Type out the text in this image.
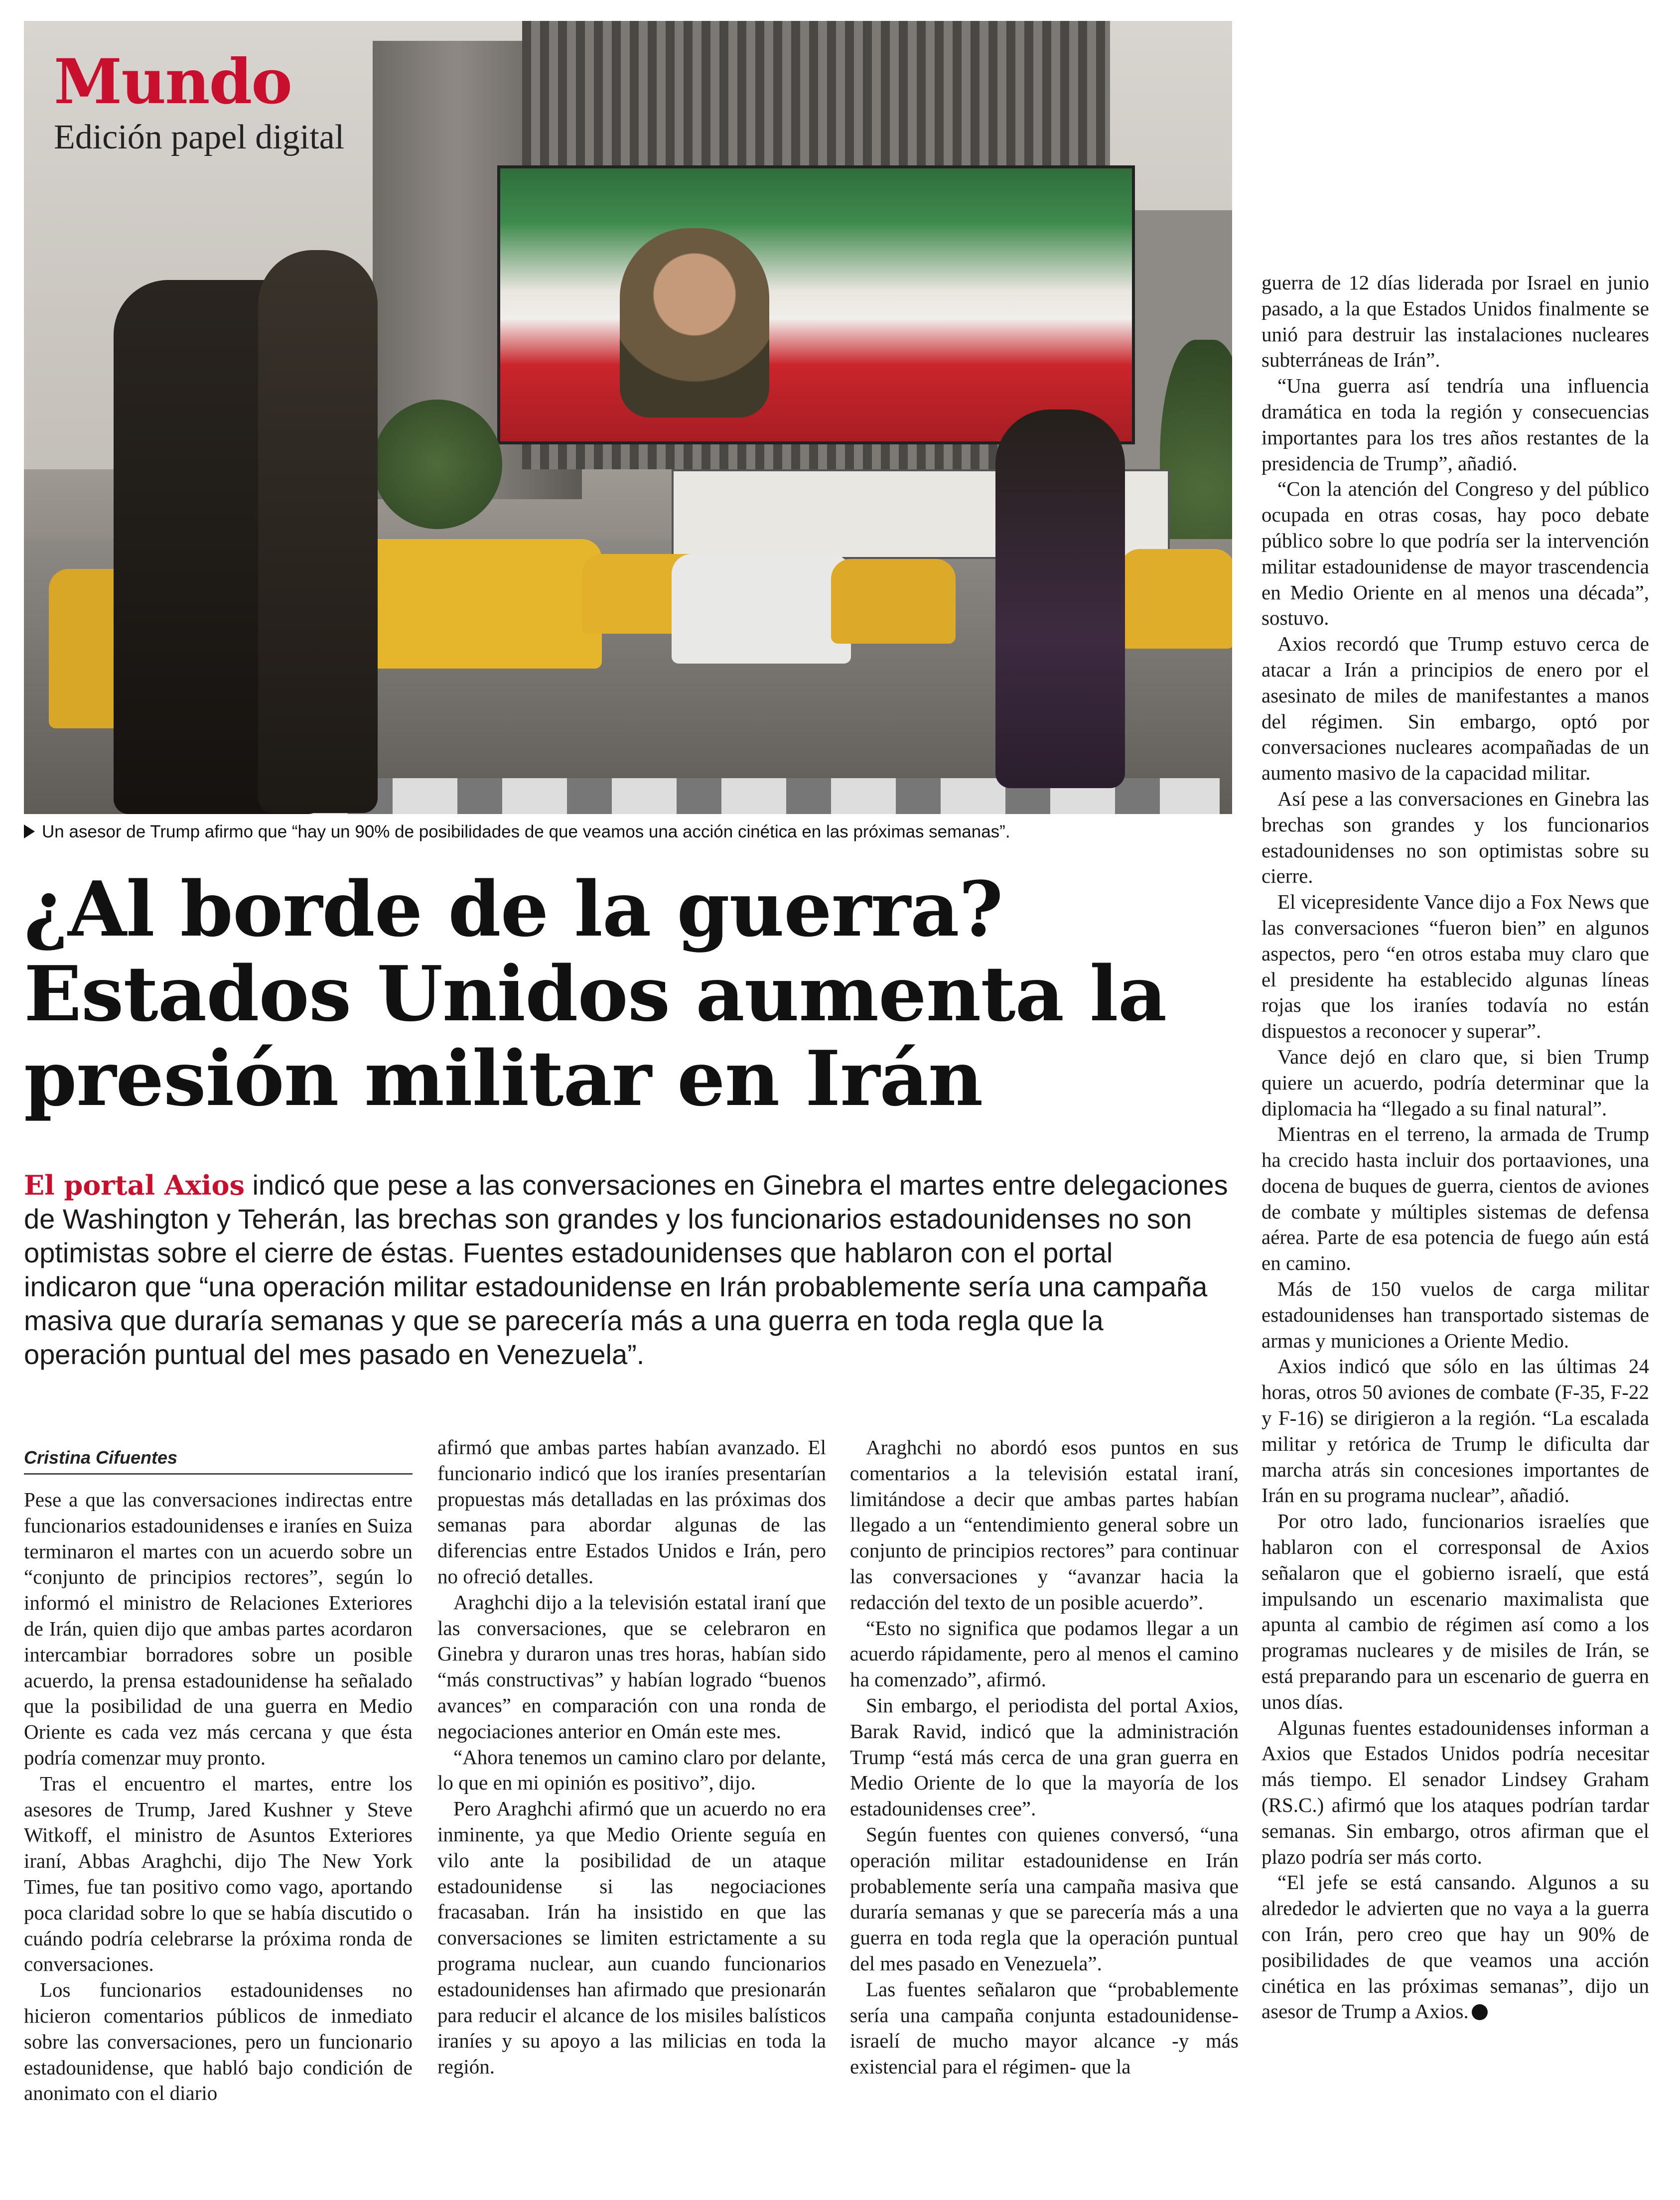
Mundo
Edición papel digital
Un asesor de Trump afirmo que “hay un 90% de posibilidades de que veamos una acción cinética en las próximas semanas”.
¿Al borde de la guerra?
Estados Unidos aumenta la
presión militar en Irán
El portal Axios indicó que pese a las conversaciones en Ginebra el martes entre delegaciones de Washington y Teherán, las brechas son grandes y los funcionarios estadounidenses no son optimistas sobre el cierre de éstas. Fuentes estadounidenses que hablaron con el portal indicaron que “una operación militar estadounidense en Irán probablemente sería una campaña masiva que duraría semanas y que se parecería más a una guerra en toda regla que la operación puntual del mes pasado en Venezuela”.
Cristina Cifuentes

Pese a que las conversaciones indirectas entre funcionarios estadounidenses e iraníes en Suiza terminaron el martes con un acuerdo sobre un “conjunto de principios rectores”, según lo informó el ministro de Relaciones Exteriores de Irán, quien dijo que ambas partes acordaron intercambiar borradores sobre un posible acuerdo, la prensa estadounidense ha señalado que la posibilidad de una guerra en Medio Oriente es cada vez más cercana y que ésta podría comenzar muy pronto.

Tras el encuentro el martes, entre los asesores de Trump, Jared Kushner y Steve Witkoff, el ministro de Asuntos Exteriores iraní, Abbas Araghchi, dijo The New York Times, fue tan positivo como vago, aportando poca claridad sobre lo que se había discutido o cuándo podría celebrarse la próxima ronda de conversaciones.

Los funcionarios estadounidenses no hicieron comentarios públicos de inmediato sobre las conversaciones, pero un funcionario estadounidense, que habló bajo condición de anonimato con el diario

afirmó que ambas partes habían avanzado. El funcionario indicó que los iraníes presentarían propuestas más detalladas en las próximas dos semanas para abordar algunas de las diferencias entre Estados Unidos e Irán, pero no ofreció detalles.

Araghchi dijo a la televisión estatal iraní que las conversaciones, que se celebraron en Ginebra y duraron unas tres horas, habían sido “más constructivas” y habían logrado “buenos avances” en comparación con una ronda de negociaciones anterior en Omán este mes.

“Ahora tenemos un camino claro por delante, lo que en mi opinión es positivo”, dijo.

Pero Araghchi afirmó que un acuerdo no era inminente, ya que Medio Oriente seguía en vilo ante la posibilidad de un ataque estadounidense si las negociaciones fracasaban. Irán ha insistido en que las conversaciones se limiten estrictamente a su programa nuclear, aun cuando funcionarios estadounidenses han afirmado que presionarán para reducir el alcance de los misiles balísticos iraníes y su apoyo a las milicias en toda la región.

Araghchi no abordó esos puntos en sus comentarios a la televisión estatal iraní, limitándose a decir que ambas partes habían llegado a un “entendimiento general sobre un conjunto de principios rectores” para continuar las conversaciones y “avanzar hacia la redacción del texto de un posible acuerdo”.

“Esto no significa que podamos llegar a un acuerdo rápidamente, pero al menos el camino ha comenzado”, afirmó.

Sin embargo, el periodista del portal Axios, Barak Ravid, indicó que la administración Trump “está más cerca de una gran guerra en Medio Oriente de lo que la mayoría de los estadounidenses cree”.

Según fuentes con quienes conversó, “una operación militar estadounidense en Irán probablemente sería una campaña masiva que duraría semanas y que se parecería más a una guerra en toda regla que la operación puntual del mes pasado en Venezuela”.

Las fuentes señalaron que “probablemente sería una campaña conjunta estadounidense-israelí de mucho mayor alcance -y más existencial para el régimen- que la

guerra de 12 días liderada por Israel en junio pasado, a la que Estados Unidos finalmente se unió para destruir las instalaciones nucleares subterráneas de Irán”.

“Una guerra así tendría una influencia dramática en toda la región y consecuencias importantes para los tres años restantes de la presidencia de Trump”, añadió.

“Con la atención del Congreso y del público ocupada en otras cosas, hay poco debate público sobre lo que podría ser la intervención militar estadounidense de mayor trascendencia en Medio Oriente en al menos una década”, sostuvo.

Axios recordó que Trump estuvo cerca de atacar a Irán a principios de enero por el asesinato de miles de manifestantes a manos del régimen. Sin embargo, optó por conversaciones nucleares acompañadas de un aumento masivo de la capacidad militar.

Así pese a las conversaciones en Ginebra las brechas son grandes y los funcionarios estadounidenses no son optimistas sobre su cierre.

El vicepresidente Vance dijo a Fox News que las conversaciones “fueron bien” en algunos aspectos, pero “en otros estaba muy claro que el presidente ha establecido algunas líneas rojas que los iraníes todavía no están dispuestos a reconocer y superar”.

Vance dejó en claro que, si bien Trump quiere un acuerdo, podría determinar que la diplomacia ha “llegado a su final natural”.

Mientras en el terreno, la armada de Trump ha crecido hasta incluir dos portaaviones, una docena de buques de guerra, cientos de aviones de combate y múltiples sistemas de defensa aérea. Parte de esa potencia de fuego aún está en camino.

Más de 150 vuelos de carga militar estadounidenses han transportado sistemas de armas y municiones a Oriente Medio.

Axios indicó que sólo en las últimas 24 horas, otros 50 aviones de combate (F-35, F-22 y F-16) se dirigieron a la región. “La escalada militar y retórica de Trump le dificulta dar marcha atrás sin concesiones importantes de Irán en su programa nuclear”, añadió.

Por otro lado, funcionarios israelíes que hablaron con el corresponsal de Axios señalaron que el gobierno israelí, que está impulsando un escenario maximalista que apunta al cambio de régimen así como a los programas nucleares y de misiles de Irán, se está preparando para un escenario de guerra en unos días.

Algunas fuentes estadounidenses informan a Axios que Estados Unidos podría necesitar más tiempo. El senador Lindsey Graham (RS.C.) afirmó que los ataques podrían tardar semanas. Sin embargo, otros afirman que el plazo podría ser más corto.

“El jefe se está cansando. Algunos a su alrededor le advierten que no vaya a la guerra con Irán, pero creo que hay un 90% de posibilidades de que veamos una acción cinética en las próximas semanas”, dijo un asesor de Trump a Axios.
